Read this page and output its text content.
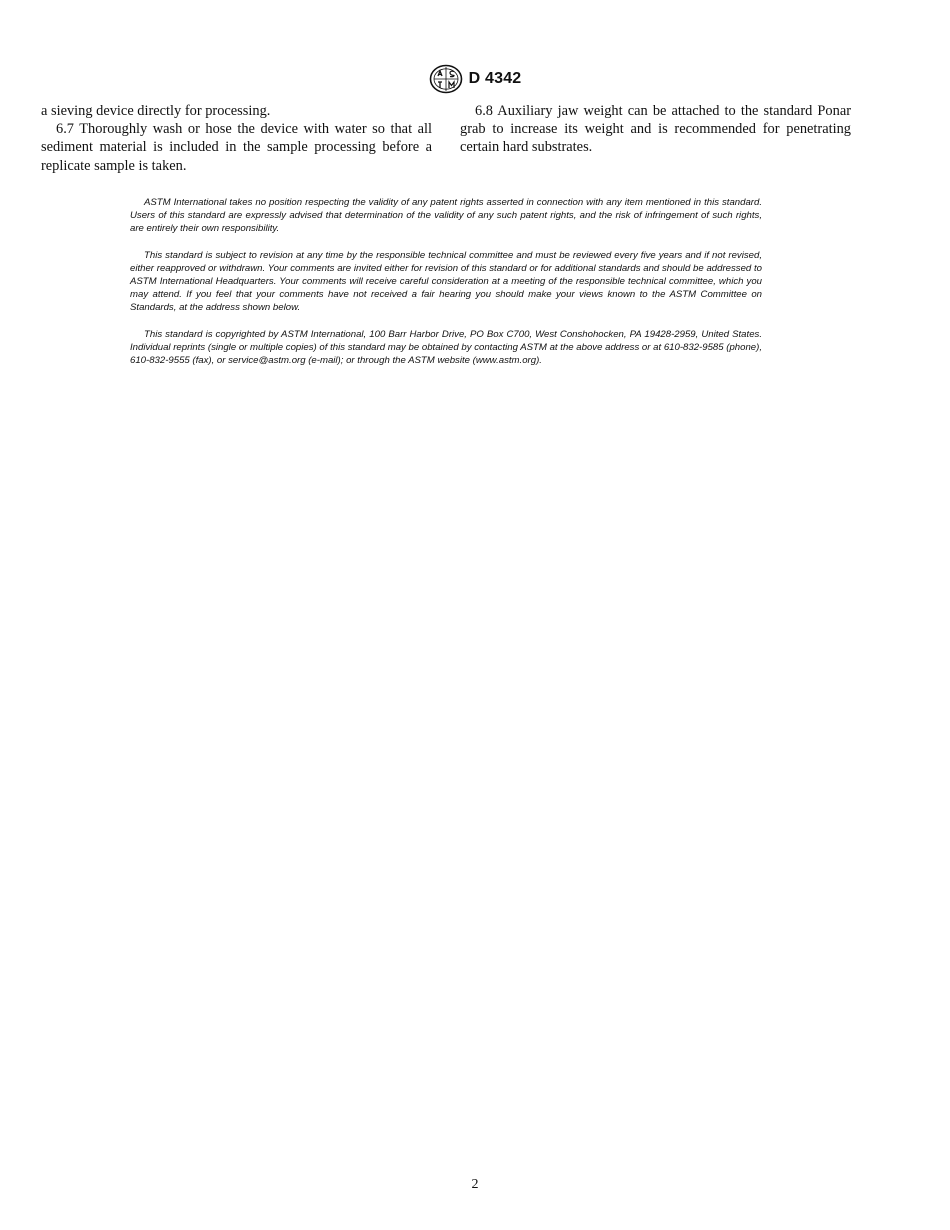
D 4342

a sieving device directly for processing.

6.7 Thoroughly wash or hose the device with water so that all sediment material is included in the sample processing before a replicate sample is taken.

6.8 Auxiliary jaw weight can be attached to the standard Ponar grab to increase its weight and is recommended for penetrating certain hard substrates.

ASTM International takes no position respecting the validity of any patent rights asserted in connection with any item mentioned in this standard. Users of this standard are expressly advised that determination of the validity of any such patent rights, and the risk of infringement of such rights, are entirely their own responsibility.

This standard is subject to revision at any time by the responsible technical committee and must be reviewed every five years and if not revised, either reapproved or withdrawn. Your comments are invited either for revision of this standard or for additional standards and should be addressed to ASTM International Headquarters. Your comments will receive careful consideration at a meeting of the responsible technical committee, which you may attend. If you feel that your comments have not received a fair hearing you should make your views known to the ASTM Committee on Standards, at the address shown below.

This standard is copyrighted by ASTM International, 100 Barr Harbor Drive, PO Box C700, West Conshohocken, PA 19428-2959, United States. Individual reprints (single or multiple copies) of this standard may be obtained by contacting ASTM at the above address or at 610-832-9585 (phone), 610-832-9555 (fax), or service@astm.org (e-mail); or through the ASTM website (www.astm.org).

2
